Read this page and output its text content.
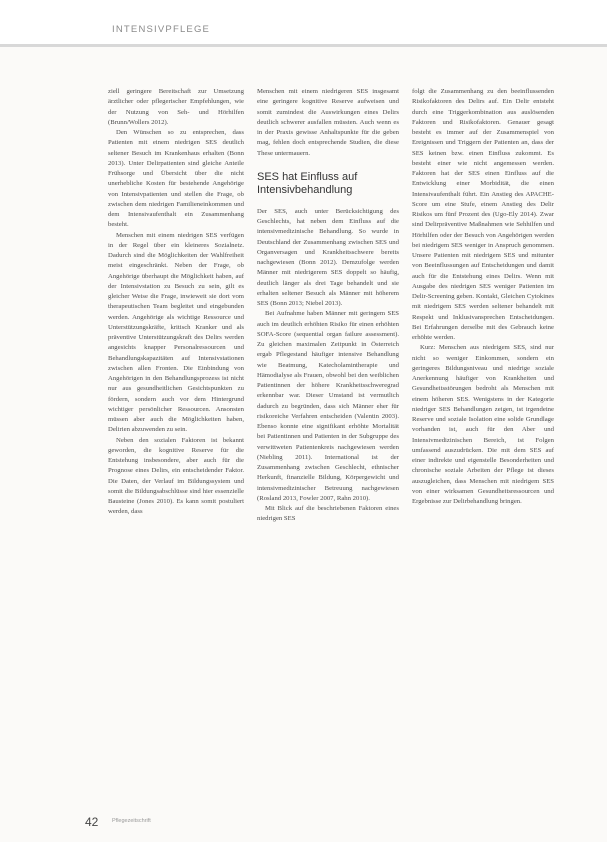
INTENSIVPFLEGE

ziell geringere Bereitschaft zur Umsetzung ärztlicher oder pflegerischer Empfehlungen, wie der Nutzung von Seh- und Hörhilfen (Brunn/Wollers 2012).

Den Wünschen so zu entsprechen, dass Patienten mit einem niedrigen SES deutlich seltener Besuch im Krankenhaus erhalten (Bonn 2013). Unter Delirpatienten sind gleiche Anteile Frühsorge und Übersicht über die nicht unerhebliche Kosten für bestehende Angehörige von Intensivpatienten und stellen die Frage, ob zwischen dem niedrigen Familieneinkommen und dem Intensivaufenthalt ein Zusammenhang besteht.

Menschen mit einem niedrigen SES verfügen in der Regel über ein kleineres Sozialnetz. Dadurch sind die Möglichkeiten der Wahlfreiheit meist eingeschränkt. Neben der Frage, ob Angehörige überhaupt die Möglichkeit haben, auf der Intensivstation zu Besuch zu sein, gilt es gleicher Weise die Frage, inwieweit sie dort vom therapeutischen Team begleitet und eingebunden werden. Angehörige als wichtige Ressource und Unterstützungskräfte, kritisch Kranker und als präventive Unterstützungskraft des Delirs werden angesichts knapper Personalressourcen und Behandlungskapazitäten auf Intensivstationen zwischen allen Fronten. Die Einbindung von Angehörigen in den Behandlungsprozess ist nicht nur aus gesundheitlichen Gesichtspunkten zu fördern, sondern auch vor dem Hintergrund wichtiger persönlicher Ressourcen. Ansonsten müssen aber auch die Möglichkeiten haben, Delirien abzuwenden zu sein.

Neben den sozialen Faktoren ist bekannt geworden, die kognitive Reserve für die Entstehung insbesondere, aber auch für die Prognose eines Delirs, ein entscheidender Faktor. Die Daten, der Verlauf im Bildungssystem und somit die Bildungsabschlüsse sind hier essenzielle Bausteine (Jones 2010). Es kann somit postuliert werden, dass

Menschen mit einem niedrigeren SES insgesamt eine geringere kognitive Reserve aufweisen und somit zumindest die Auswirkungen eines Delirs deutlich schwerer ausfallen müssten. Auch wenn es in der Praxis gewisse Anhaltspunkte für die geben mag, fehlen doch entsprechende Studien, die diese These untermauern.

SES hat Einfluss auf Intensivbehandlung

Der SES, auch unter Berücksichtigung des Geschlechts, hat neben dem Einfluss auf die intensivmedizinische Behandlung. So wurde in Deutschland der Zusammenhang zwischen SES und Organversagen und Krankheitsschwere bereits nachgewiesen (Bonn 2012). Demzufolge werden Männer mit niedrigerem SES doppelt so häufig, deutlich länger als drei Tage behandelt und sie erhalten seltener Besuch als Männer mit höherem SES (Bonn 2013; Niebel 2013).

Bei Aufnahme haben Männer mit geringem SES auch im deutlich erhöhten Risiko für einen erhöhten SOFA-Score (sequential organ failure assessment). Zu gleichen maximalen Zeitpunkt in Österreich ergab Pflegestand häufiger intensive Behandlung wie Beatmung, Katecholamintherapie und Hämodialyse als Frauen, obwohl bei den weiblichen Patientinnen der höhere Krankheitsschweregrad erkennbar war. Dieser Umstand ist vermutlich dadurch zu begründen, dass sich Männer eher für risikoreiche Verfahren entscheiden (Valentin 2003). Ebenso konnte eine signifikant erhöhte Mortalität bei Patientinnen und Patienten in der Subgruppe des verwittweten Patientenkreis nachgewiesen werden (Niebling 2011). International ist der Zusammenhang zwischen Geschlecht, ethnischer Herkunft, finanzielle Bildung, Körpergewicht und intensivmedizinischer Betreuung nachgewiesen (Rosland 2013, Fowler 2007, Rahn 2010).

Mit Blick auf die beschriebenen Faktoren eines niedrigen SES

folgt die Zusammenhang zu den beeinflussenden Risikofaktoren des Delirs auf. Ein Delir entsteht durch eine Triggerkombination aus auslösenden Faktoren und Risikofaktoren. Genauer gesagt besteht es immer auf der Zusammenspiel von Ereignissen und Triggern der Patienten an, dass der SES keinen bzw. einen Einfluss zukommt. Es besteht einer wie nicht angemessen werden. Faktoren hat der SES einen Einfluss auf die Entwicklung einer Morbidität, die einen Intensivaufenthalt führt. Ein Anstieg des APACHE-Score um eine Stufe, einem Anstieg des Delir Risikos um fünf Prozent des (Ugo-Ely 2014). Zwar sind Delirpräventive Maßnahmen wie Sehhilfen und Hörhilfen oder der Besuch von Angehörigen werden bei niedrigem SES weniger in Anspruch genommen. Unsere Patienten mit niedrigem SES und mitunter von Beeinflussungen auf Entscheidungen und damit auch für die Entstehung eines Delirs. Wenn mit Ausgabe des niedrigen SES weniger Patienten im Delir-Screening geben. Kontakt, Gleichen Cytokines mit niedrigem SES werden seltener behandelt mit Respekt und Inklusivansprechen Entscheidungen. Bei Erfahrungen derselbe mit des Gebrauch keine erhöhte werden.

Kurz: Menschen aus niedrigem SES, sind nur nicht so weniger Einkommen, sondern ein geringeres Bildungsniveau und niedrige soziale Anerkennung häufiger von Krankheiten und Gesundheitsstörungen bedroht als Menschen mit einem höheren SES. Wenigstens in der Kategorie niedriger SES Behandlungen zeigen, ist irgendeine Reserve und soziale Isolation eine solide Grundlage vorhanden ist, auch für den Aber und Intensivmedizinischen Bereich, ist Folgen umfassend auszudrücken. Die mit dem SES auf einer indirekte und eigenstelle Besonderheiten und chronische soziale Arbeiten der Pflege ist dieses auszugleichen, dass Menschen mit niedrigem SES von einer wirksamen Gesundheitsressourcen und Ergebnisse zur Delirbehandlung bringen.

42 Pflegezeitschrift
